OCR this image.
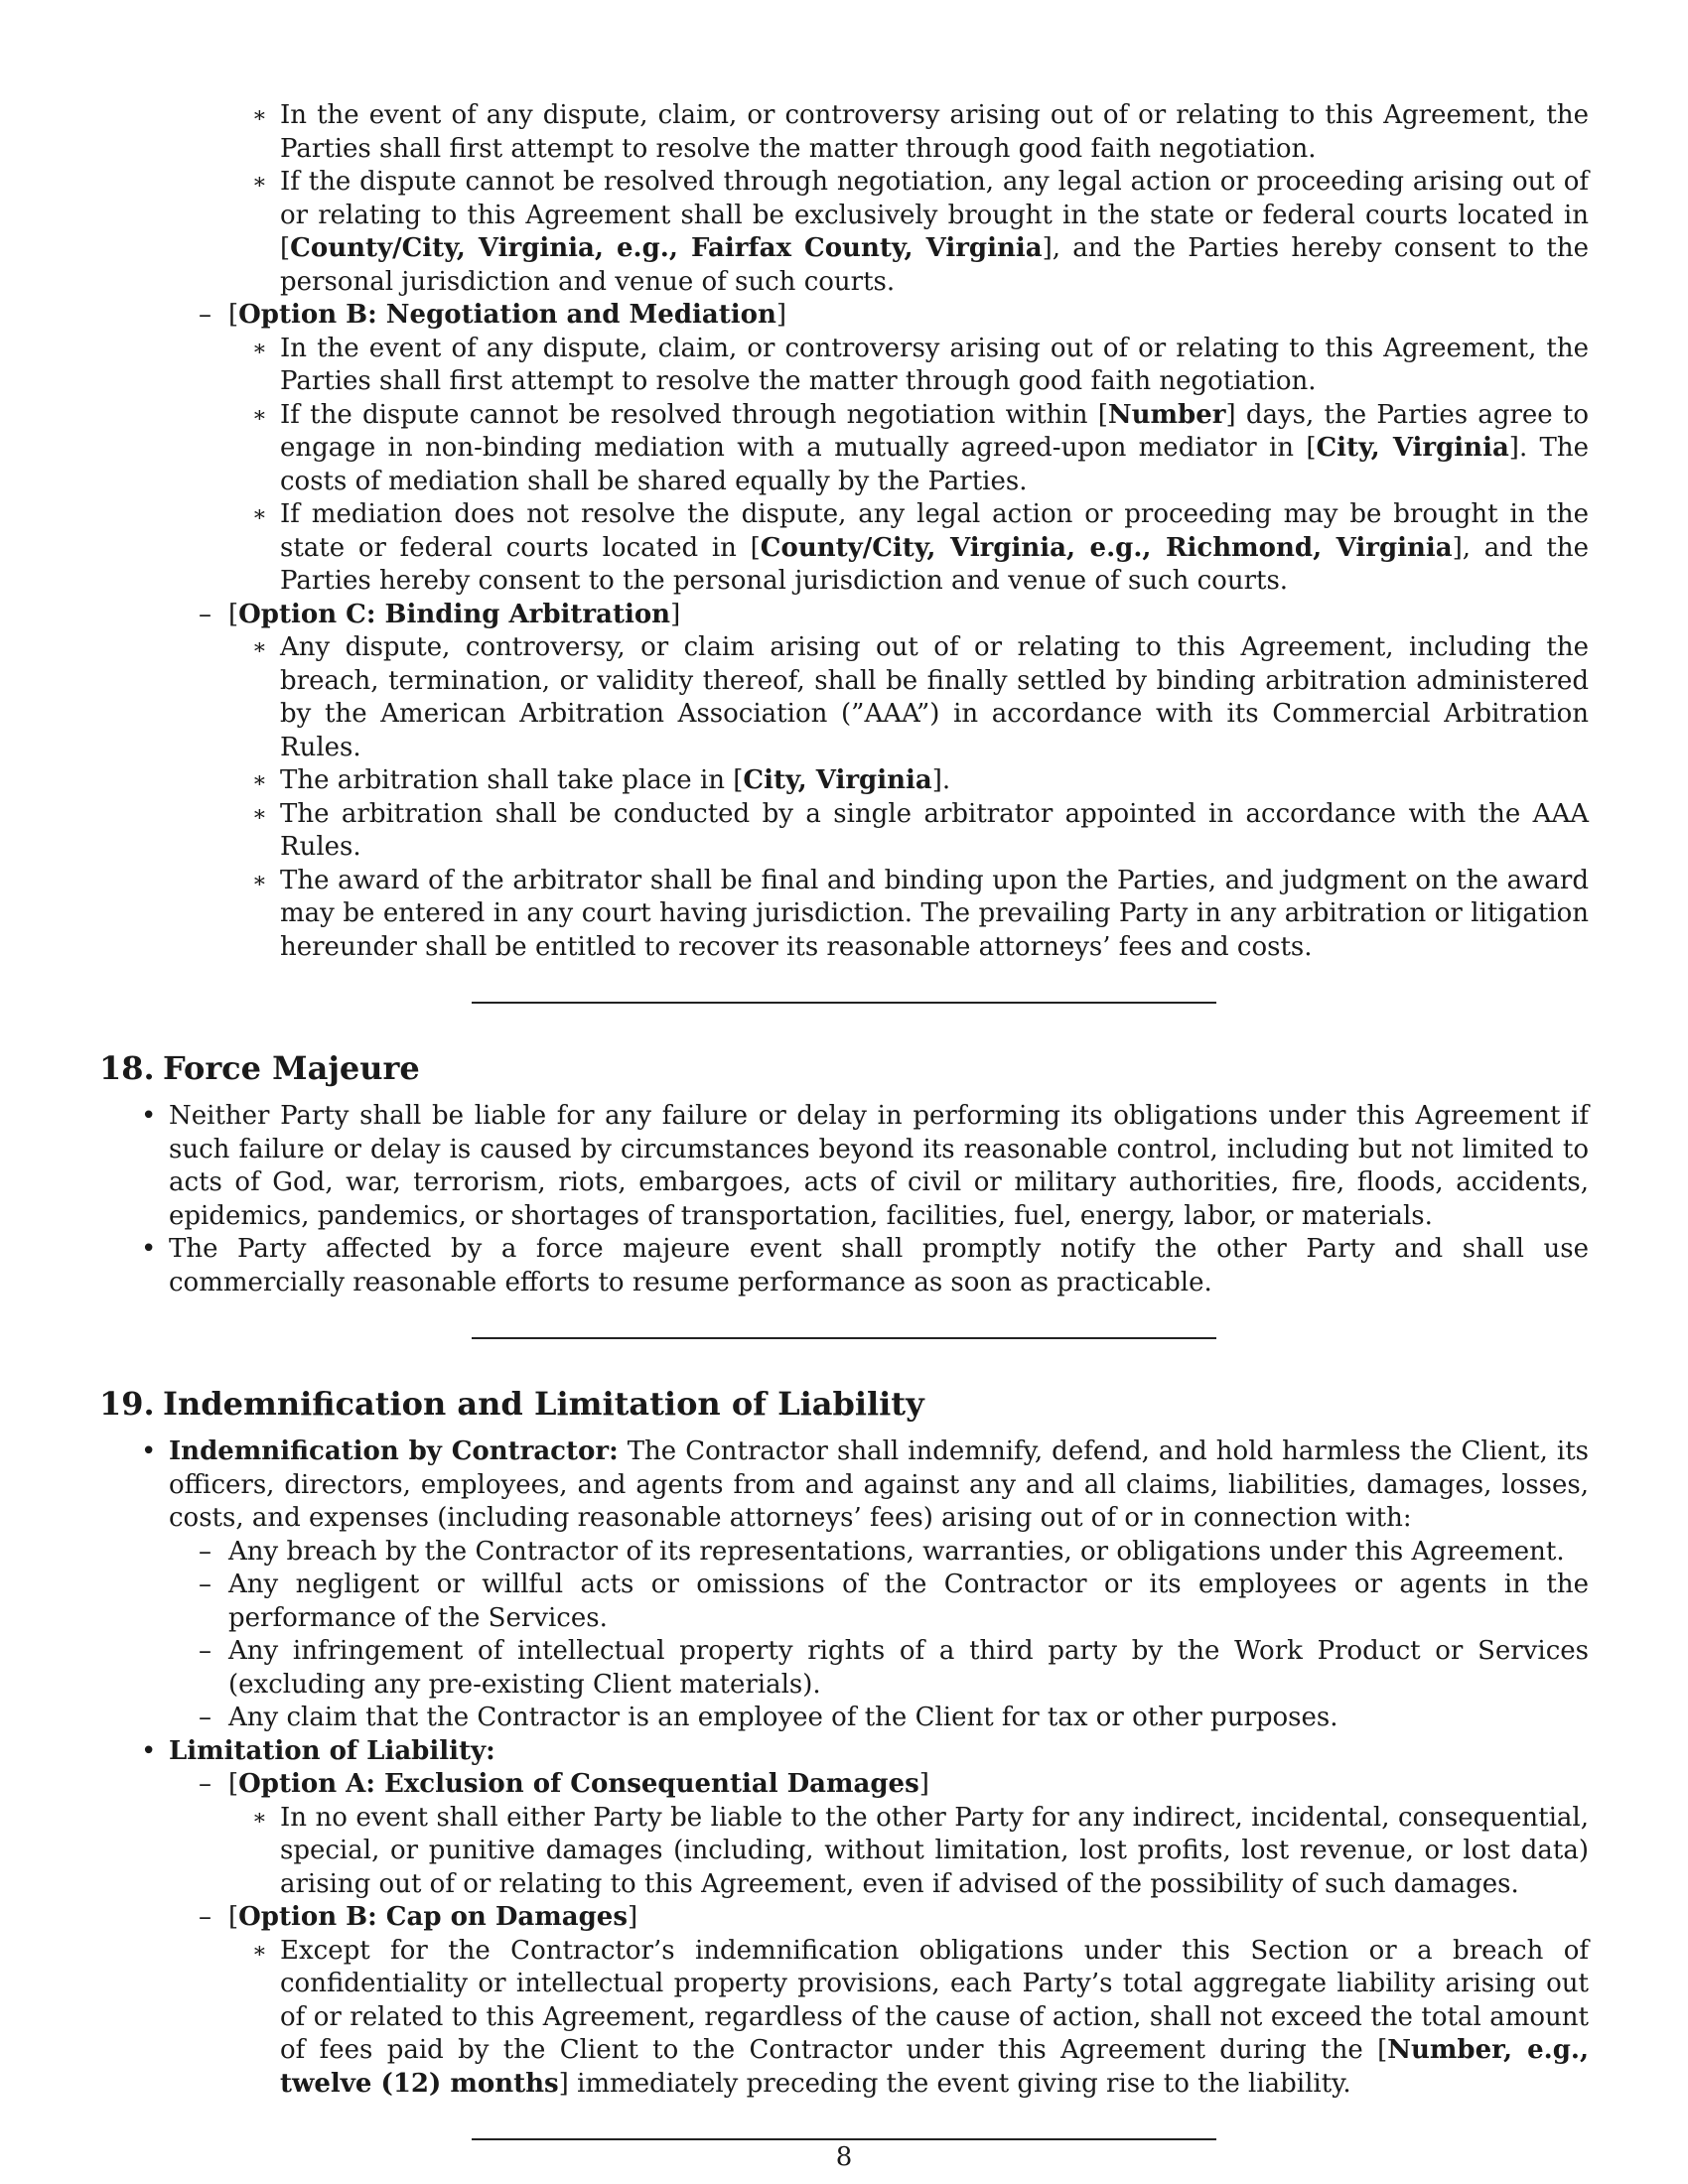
∗ In the event of any dispute, claim, or controversy arising out of or relating to this Agreement, the Parties shall first attempt to resolve the matter through good faith negotiation.
∗ If the dispute cannot be resolved through negotiation, any legal action or proceeding arising out of or relating to this Agreement shall be exclusively brought in the state or federal courts located in [County/City, Virginia, e.g., Fairfax County, Virginia], and the Parties hereby consent to the personal jurisdiction and venue of such courts.
– [Option B: Negotiation and Mediation]
∗ In the event of any dispute, claim, or controversy arising out of or relating to this Agreement, the Parties shall first attempt to resolve the matter through good faith negotiation.
∗ If the dispute cannot be resolved through negotiation within [Number] days, the Parties agree to engage in non-binding mediation with a mutually agreed-upon mediator in [City, Virginia]. The costs of mediation shall be shared equally by the Parties.
∗ If mediation does not resolve the dispute, any legal action or proceeding may be brought in the state or federal courts located in [County/City, Virginia, e.g., Richmond, Virginia], and the Parties hereby consent to the personal jurisdiction and venue of such courts.
– [Option C: Binding Arbitration]
∗ Any dispute, controversy, or claim arising out of or relating to this Agreement, including the breach, termination, or validity thereof, shall be finally settled by binding arbitration administered by the American Arbitration Association (”AAA”) in accordance with its Commercial Arbitration Rules.
∗ The arbitration shall take place in [City, Virginia].
∗ The arbitration shall be conducted by a single arbitrator appointed in accordance with the AAA Rules.
∗ The award of the arbitrator shall be final and binding upon the Parties, and judgment on the award may be entered in any court having jurisdiction. The prevailing Party in any arbitration or litigation hereunder shall be entitled to recover its reasonable attorneys’ fees and costs.
18. Force Majeure
• Neither Party shall be liable for any failure or delay in performing its obligations under this Agreement if such failure or delay is caused by circumstances beyond its reasonable control, including but not limited to acts of God, war, terrorism, riots, embargoes, acts of civil or military authorities, fire, floods, accidents, epidemics, pandemics, or shortages of transportation, facilities, fuel, energy, labor, or materials.
• The Party affected by a force majeure event shall promptly notify the other Party and shall use commercially reasonable efforts to resume performance as soon as practicable.
19. Indemnification and Limitation of Liability
• Indemnification by Contractor: The Contractor shall indemnify, defend, and hold harmless the Client, its officers, directors, employees, and agents from and against any and all claims, liabilities, damages, losses, costs, and expenses (including reasonable attorneys’ fees) arising out of or in connection with:
– Any breach by the Contractor of its representations, warranties, or obligations under this Agreement.
– Any negligent or willful acts or omissions of the Contractor or its employees or agents in the performance of the Services.
– Any infringement of intellectual property rights of a third party by the Work Product or Services (excluding any pre-existing Client materials).
– Any claim that the Contractor is an employee of the Client for tax or other purposes.
• Limitation of Liability:
– [Option A: Exclusion of Consequential Damages]
∗ In no event shall either Party be liable to the other Party for any indirect, incidental, consequential, special, or punitive damages (including, without limitation, lost profits, lost revenue, or lost data) arising out of or relating to this Agreement, even if advised of the possibility of such damages.
– [Option B: Cap on Damages]
∗ Except for the Contractor’s indemnification obligations under this Section or a breach of confidentiality or intellectual property provisions, each Party’s total aggregate liability arising out of or related to this Agreement, regardless of the cause of action, shall not exceed the total amount of fees paid by the Client to the Contractor under this Agreement during the [Number, e.g., twelve (12) months] immediately preceding the event giving rise to the liability.
8
